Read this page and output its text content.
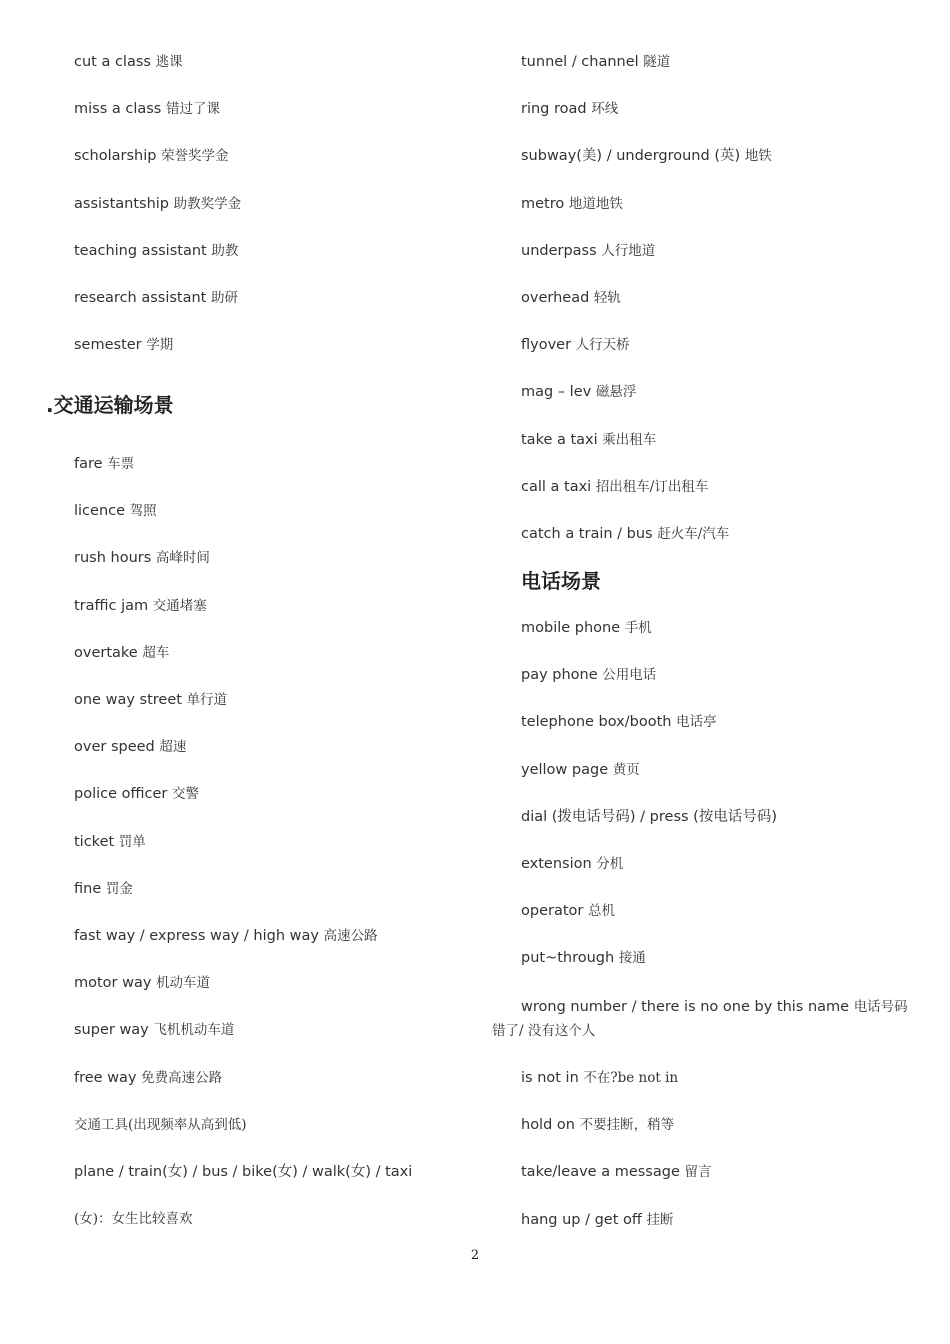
cut a class 逃课
miss a class 错过了课
scholarship 荣誉奖学金
assistantship 助教奖学金
teaching assistant 助教
research assistant 助研
semester 学期
.交通运输场景
fare 车票
licence 驾照
rush hours 高峰时间
traffic jam 交通堵塞
overtake 超车
one way street 单行道
over speed 超速
police officer 交警
ticket 罚单
fine 罚金
fast way / express way / high way 高速公路
motor way 机动车道
super way 飞机机动车道
free way 免费高速公路
交通工具(出现频率从高到低)
plane / train(女) / bus / bike(女) / walk(女) / taxi
(女)：女生比较喜欢
tunnel / channel 隧道
ring road 环线
subway(美) / underground (英) 地铁
metro 地道地铁
underpass 人行地道
overhead 轻轨
flyover 人行天桥
mag – lev 磁悬浮
take a taxi 乘出租车
call a taxi 招出租车/订出租车
catch a train / bus 赶火车/汽车
电话场景
mobile phone 手机
pay phone 公用电话
telephone box/booth 电话亭
yellow page 黄页
dial (拨电话号码) / press (按电话号码)
extension 分机
operator 总机
put~through 接通
wrong number / there is no one by this name 电话号码错了/ 没有这个人
is not in 不在?be not in
hold on 不要挂断，稍等
take/leave a message 留言
hang up / get off 挂断
2
